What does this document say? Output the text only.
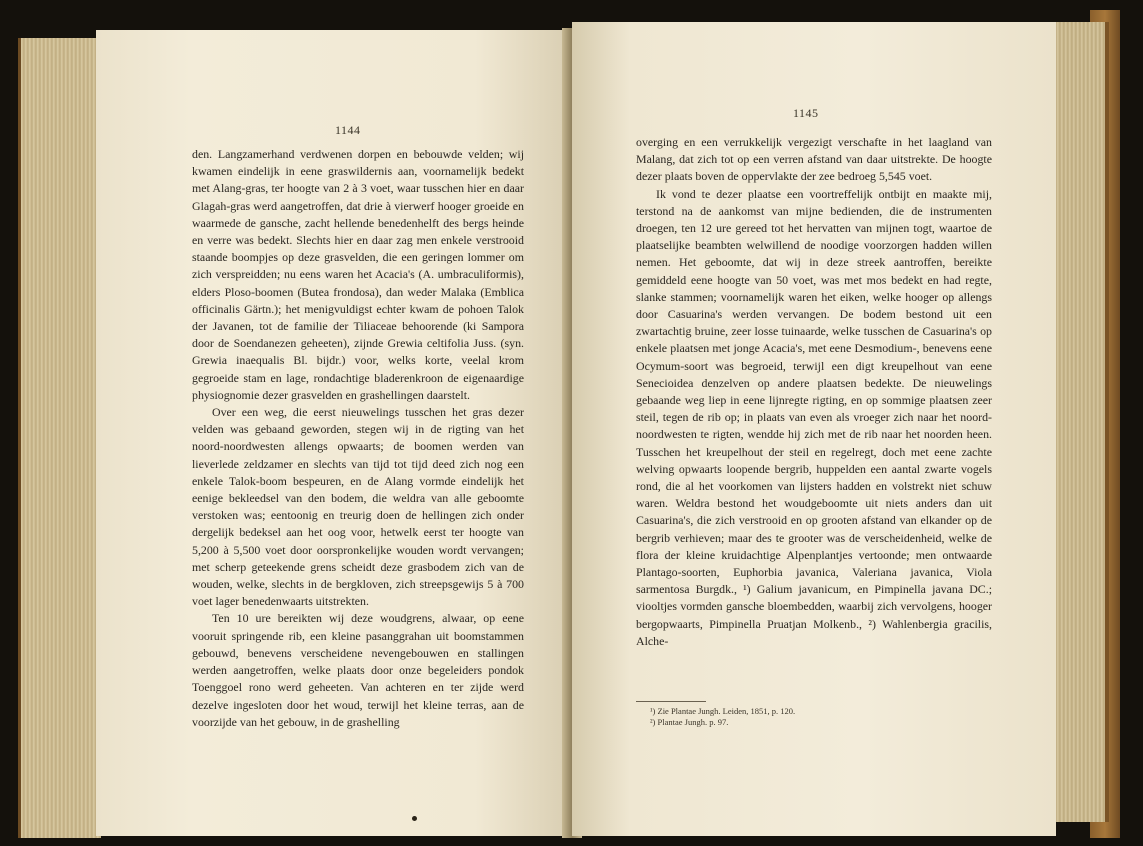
1144

den. Langzamerhand verdwenen dorpen en bebouwde velden; wij kwamen eindelijk in eene graswildernis aan, voornamelijk bedekt met Alang-gras, ter hoogte van 2 à 3 voet, waar tusschen hier en daar Glagah-gras werd aangetroffen, dat drie à vierwerf hooger groeide en waarmede de gansche, zacht hellende benedenhelft des bergs heinde en verre was bedekt. Slechts hier en daar zag men enkele verstrooid staande boompjes op deze grasvelden, die een geringen lommer om zich verspreidden; nu eens waren het Acacia's (A. umbraculiformis), elders Ploso-boomen (Butea frondosa), dan weder Malaka (Emblica officinalis Gärtn.); het menigvuldigst echter kwam de pohoen Talok der Javanen, tot de familie der Tiliaceae behoorende (ki Sampora door de Soendanezen geheeten), zijnde Grewia celtifolia Juss. (syn. Grewia inaequalis Bl. bijdr.) voor, welks korte, veelal krom gegroeide stam en lage, rondachtige bladerenkroon de eigenaardige physiognomie dezer grasvelden en grashellingen daarstelt.

Over een weg, die eerst nieuwelings tusschen het gras dezer velden was gebaand geworden, stegen wij in de rigting van het noord-noordwesten allengs opwaarts; de boomen werden van lieverlede zeldzamer en slechts van tijd tot tijd deed zich nog een enkele Talok-boom bespeuren, en de Alang vormde eindelijk het eenige bekleedsel van den bodem, die weldra van alle geboomte verstoken was; eentoonig en treurig doen de hellingen zich onder dergelijk bedeksel aan het oog voor, hetwelk eerst ter hoogte van 5,200 à 5,500 voet door oorspronkelijke wouden wordt vervangen; met scherp geteekende grens scheidt deze grasbodem zich van de wouden, welke, slechts in de bergkloven, zich streepsgewijs 5 à 700 voet lager benedenwaarts uitstrekten.

Ten 10 ure bereikten wij deze woudgrens, alwaar, op eene vooruit springende rib, een kleine pasanggrahan uit boomstammen gebouwd, benevens verscheidene nevengebouwen en stallingen werden aangetroffen, welke plaats door onze begeleiders pondok Toenggoel rono werd geheeten. Van achteren en ter zijde werd dezelve ingesloten door het woud, terwijl het kleine terras, aan de voorzijde van het gebouw, in de grashelling

1145

overging en een verrukkelijk vergezigt verschafte in het laagland van Malang, dat zich tot op een verren afstand van daar uitstrekte. De hoogte dezer plaats boven de oppervlakte der zee bedroeg 5,545 voet.

Ik vond te dezer plaatse een voortreffelijk ontbijt en maakte mij, terstond na de aankomst van mijne bedienden, die de instrumenten droegen, ten 12 ure gereed tot het hervatten van mijnen togt, waartoe de plaatselijke beambten welwillend de noodige voorzorgen hadden willen nemen. Het geboomte, dat wij in deze streek aantroffen, bereikte gemiddeld eene hoogte van 50 voet, was met mos bedekt en had regte, slanke stammen; voornamelijk waren het eiken, welke hooger op allengs door Casuarina's werden vervangen. De bodem bestond uit een zwartachtig bruine, zeer losse tuinaarde, welke tusschen de Casuarina's op enkele plaatsen met jonge Acacia's, met eene Desmodium-, benevens eene Ocymum-soort was begroeid, terwijl een digt kreupelhout van eene Senecioidea denzelven op andere plaatsen bedekte. De nieuwelings gebaande weg liep in eene lijnregte rigting, en op sommige plaatsen zeer steil, tegen de rib op; in plaats van even als vroeger zich naar het noord-noordwesten te rigten, wendde hij zich met de rib naar het noorden heen. Tusschen het kreupelhout der steil en regelregt, doch met eene zachte welving opwaarts loopende bergrib, huppelden een aantal zwarte vogels rond, die al het voorkomen van lijsters hadden en volstrekt niet schuw waren. Weldra bestond het woudgeboomte uit niets anders dan uit Casuarina's, die zich verstrooid en op grooten afstand van elkander op de bergrib verhieven; maar des te grooter was de verscheidenheid, welke de flora der kleine kruidachtige Alpenplantjes vertoonde; men ontwaarde Plantago-soorten, Euphorbia javanica, Valeriana javanica, Viola sarmentosa Burgdk., ¹) Galium javanicum, en Pimpinella javana DC.; viooltjes vormden gansche bloembedden, waarbij zich vervolgens, hooger bergopwaarts, Pimpinella Pruatjan Molkenb., ²) Wahlenbergia gracilis, Alche-

¹) Zie Plantae Jungh. Leiden, 1851, p. 120.
²) Plantae Jungh. p. 97.
